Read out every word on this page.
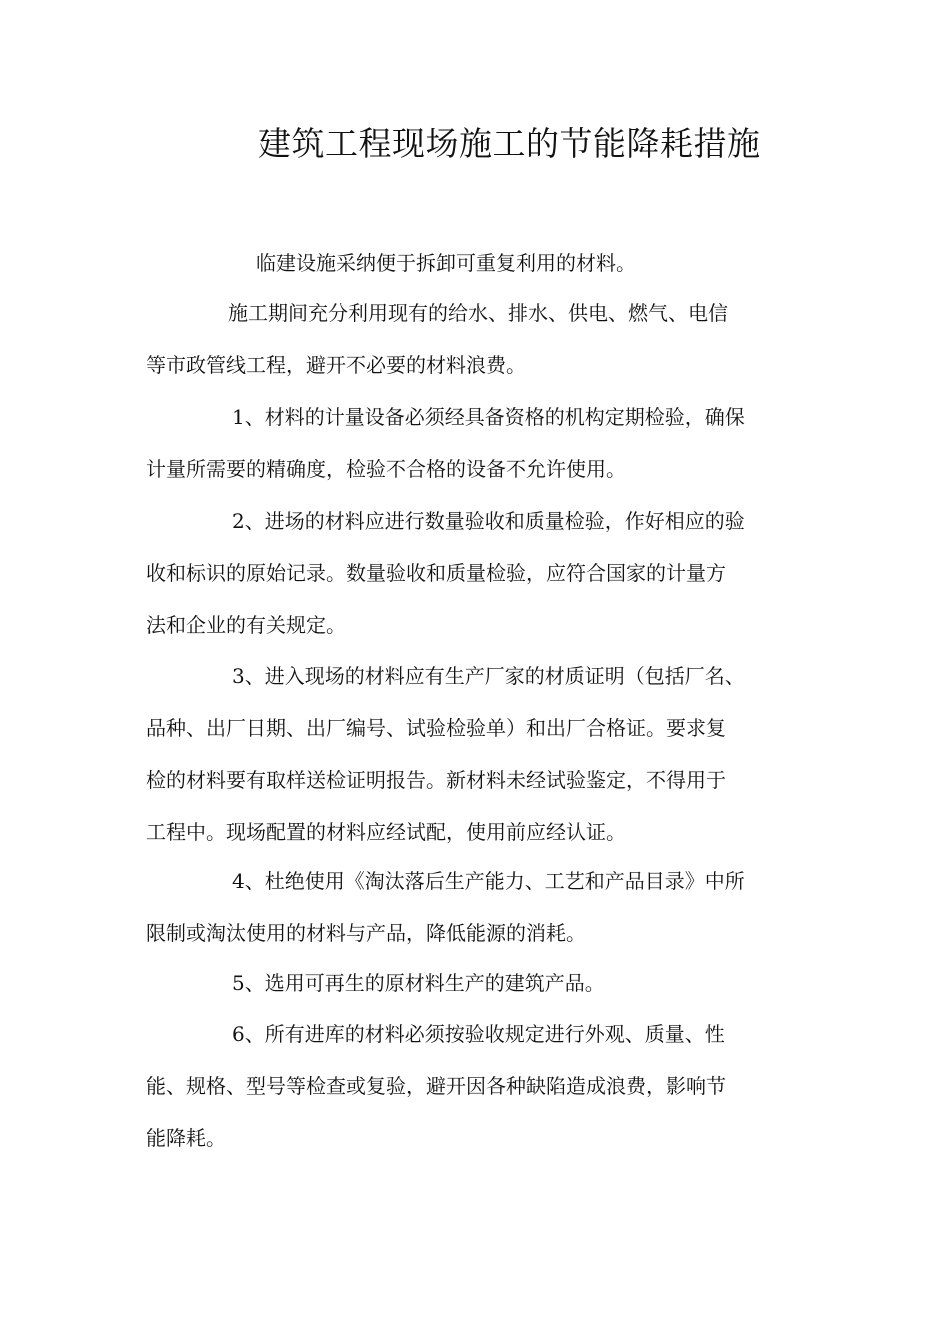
建筑工程现场施工的节能降耗措施

临建设施采纳便于拆卸可重复利用的材料。

施工期间充分利用现有的给水、排水、供电、燃气、电信
等市政管线工程，避开不必要的材料浪费。

1、材料的计量设备必须经具备资格的机构定期检验，确保
计量所需要的精确度，检验不合格的设备不允许使用。

2、进场的材料应进行数量验收和质量检验，作好相应的验
收和标识的原始记录。数量验收和质量检验，应符合国家的计量方
法和企业的有关规定。

3、进入现场的材料应有生产厂家的材质证明（包括厂名、
品种、出厂日期、出厂编号、试验检验单）和出厂合格证。要求复
检的材料要有取样送检证明报告。新材料未经试验鉴定，不得用于
工程中。现场配置的材料应经试配，使用前应经认证。

4、杜绝使用《淘汰落后生产能力、工艺和产品目录》中所
限制或淘汰使用的材料与产品，降低能源的消耗。

5、选用可再生的原材料生产的建筑产品。

6、所有进库的材料必须按验收规定进行外观、质量、性
能、规格、型号等检查或复验，避开因各种缺陷造成浪费，影响节
能降耗。
